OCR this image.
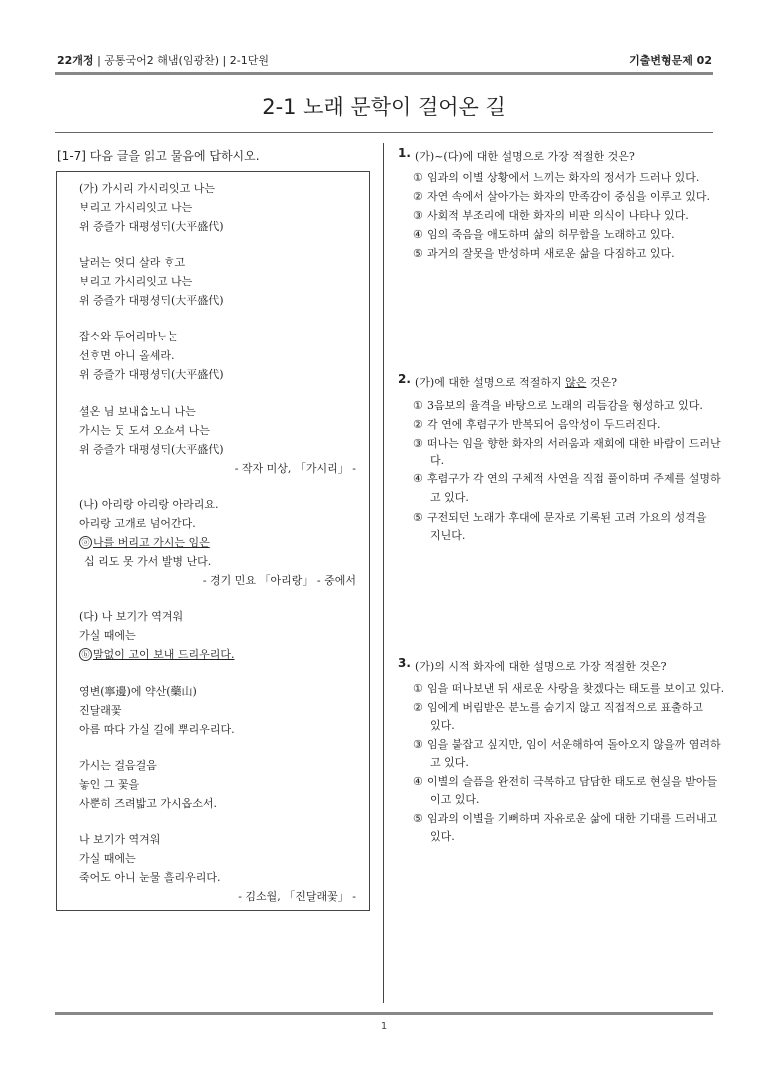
22개정 | 공통국어2 해냄(임광찬) | 2-1단원	기출변형문제 02
2-1 노래 문학이 걸어온 길
[1-7] 다음 글을 읽고 물음에 답하시오.
(가) 가시리 가시리잇고 나는
ᄇᆞ리고 가시리잇고 나는
위 증즐가 대평셩ᄃᆡ(大平盛代)
날러는 엇디 살라 ᄒᆞ고
ᄇᆞ리고 가시리잇고 나는
위 증즐가 대평셩ᄃᆡ(大平盛代)
잡ᄉᆞ와 두어리마ᄂᆞᄂᆞᆫ
선ᄒᆞ면 아니 올셰라.
위 증즐가 대평셩ᄃᆡ(大平盛代)
셜온 님 보내ᅀᆞᆸ노니 나는
가시는 ᄃᆞᆺ 도셔 오쇼셔 나는
위 증즐가 대평셩ᄃᆡ(大平盛代)
- 작자 미상, 「가시리」 -
(나) 아리랑 아리랑 아라리요.
아리랑 고개로 넘어간다.
ⓐ 나를 버리고 가시는 임은
십 리도 못 가서 발병 난다.
- 경기 민요 「아리랑」 - 중에서
(다) 나 보기가 역겨워
가실 때에는
ⓑ 말없이 고이 보내 드리우리다.
영변(寧邊)에 약산(藥山)
진달래꽃
아름 따다 가실 길에 뿌리우리다.
가시는 걸음걸음
놓인 그 꽃을
사뿐히 즈려밟고 가시옵소서.
나 보기가 역겨워
가실 때에는
죽어도 아니 눈물 흘리우리다.
- 김소월, 「진달래꽃」 -
1. (가)~(다)에 대한 설명으로 가장 적절한 것은?
① 임과의 이별 상황에서 느끼는 화자의 정서가 드러나 있다.
② 자연 속에서 살아가는 화자의 만족감이 중심을 이루고 있다.
③ 사회적 부조리에 대한 화자의 비판 의식이 나타나 있다.
④ 임의 죽음을 애도하며 삶의 허무함을 노래하고 있다.
⑤ 과거의 잘못을 반성하며 새로운 삶을 다짐하고 있다.
2. (가)에 대한 설명으로 적절하지 않은 것은?
① 3음보의 율격을 바탕으로 노래의 리듬감을 형성하고 있다.
② 각 연에 후렴구가 반복되어 음악성이 두드러진다.
③ 떠나는 임을 향한 화자의 서러움과 재회에 대한 바람이 드러난
다.
④ 후렴구가 각 연의 구체적 사연을 직접 풀이하며 주제를 설명하
고 있다.
⑤ 구전되던 노래가 후대에 문자로 기록된 고려 가요의 성격을
지닌다.
3. (가)의 시적 화자에 대한 설명으로 가장 적절한 것은?
① 임을 떠나보낸 뒤 새로운 사랑을 찾겠다는 태도를 보이고 있다.
② 임에게 버림받은 분노를 숨기지 않고 직접적으로 표출하고
있다.
③ 임을 붙잡고 싶지만, 임이 서운해하여 돌아오지 않을까 염려하
고 있다.
④ 이별의 슬픔을 완전히 극복하고 담담한 태도로 현실을 받아들
이고 있다.
⑤ 임과의 이별을 기뻐하며 자유로운 삶에 대한 기대를 드러내고
있다.
1
